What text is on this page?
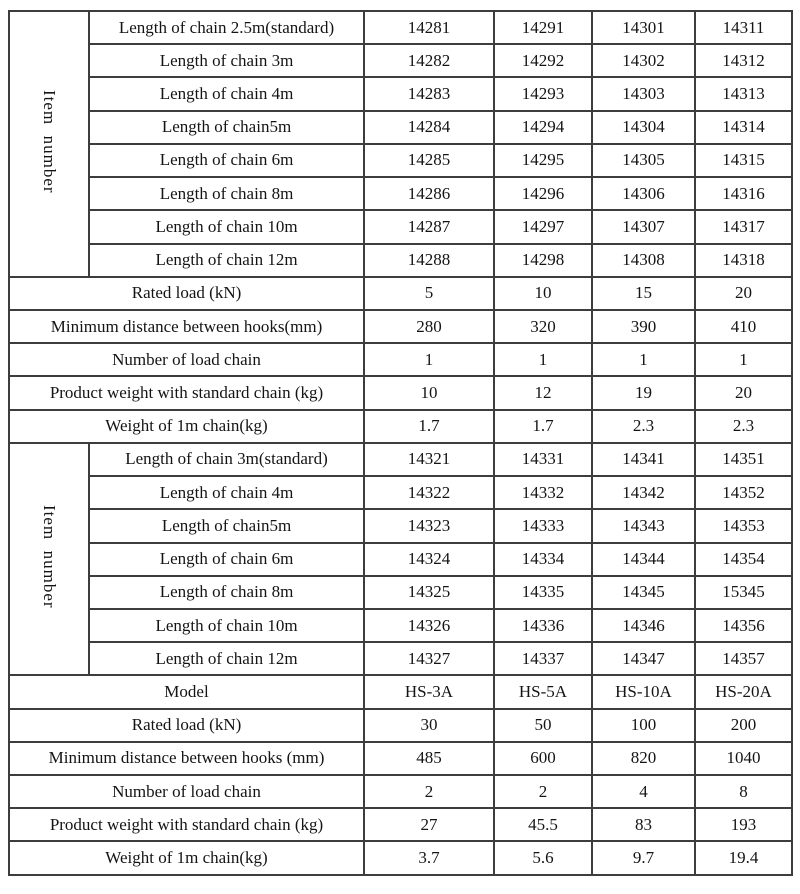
Item  number	Length of chain 2.5m(standard)	14281	14291	14301	14311
	Length of chain 3m	14282	14292	14302	14312
	Length of chain 4m	14283	14293	14303	14313
	Length of chain5m	14284	14294	14304	14314
	Length of chain 6m	14285	14295	14305	14315
	Length of chain 8m	14286	14296	14306	14316
	Length of chain 10m	14287	14297	14307	14317
	Length of chain 12m	14288	14298	14308	14318
Rated load (kN)		5	10	15	20
Minimum distance between hooks(mm)		280	320	390	410
Number of load chain		1	1	1	1
Product weight with standard chain (kg)		10	12	19	20
Weight of 1m chain(kg)		1.7	1.7	2.3	2.3
Item  number	Length of chain 3m(standard)	14321	14331	14341	14351
	Length of chain 4m	14322	14332	14342	14352
	Length of chain5m	14323	14333	14343	14353
	Length of chain 6m	14324	14334	14344	14354
	Length of chain 8m	14325	14335	14345	15345
	Length of chain 10m	14326	14336	14346	14356
	Length of chain 12m	14327	14337	14347	14357
Model		HS-3A	HS-5A	HS-10A	HS-20A
Rated load (kN)		30	50	100	200
Minimum distance between hooks (mm)		485	600	820	1040
Number of load chain		2	2	4	8
Product weight with standard chain (kg)		27	45.5	83	193
Weight of 1m chain(kg)		3.7	5.6	9.7	19.4
